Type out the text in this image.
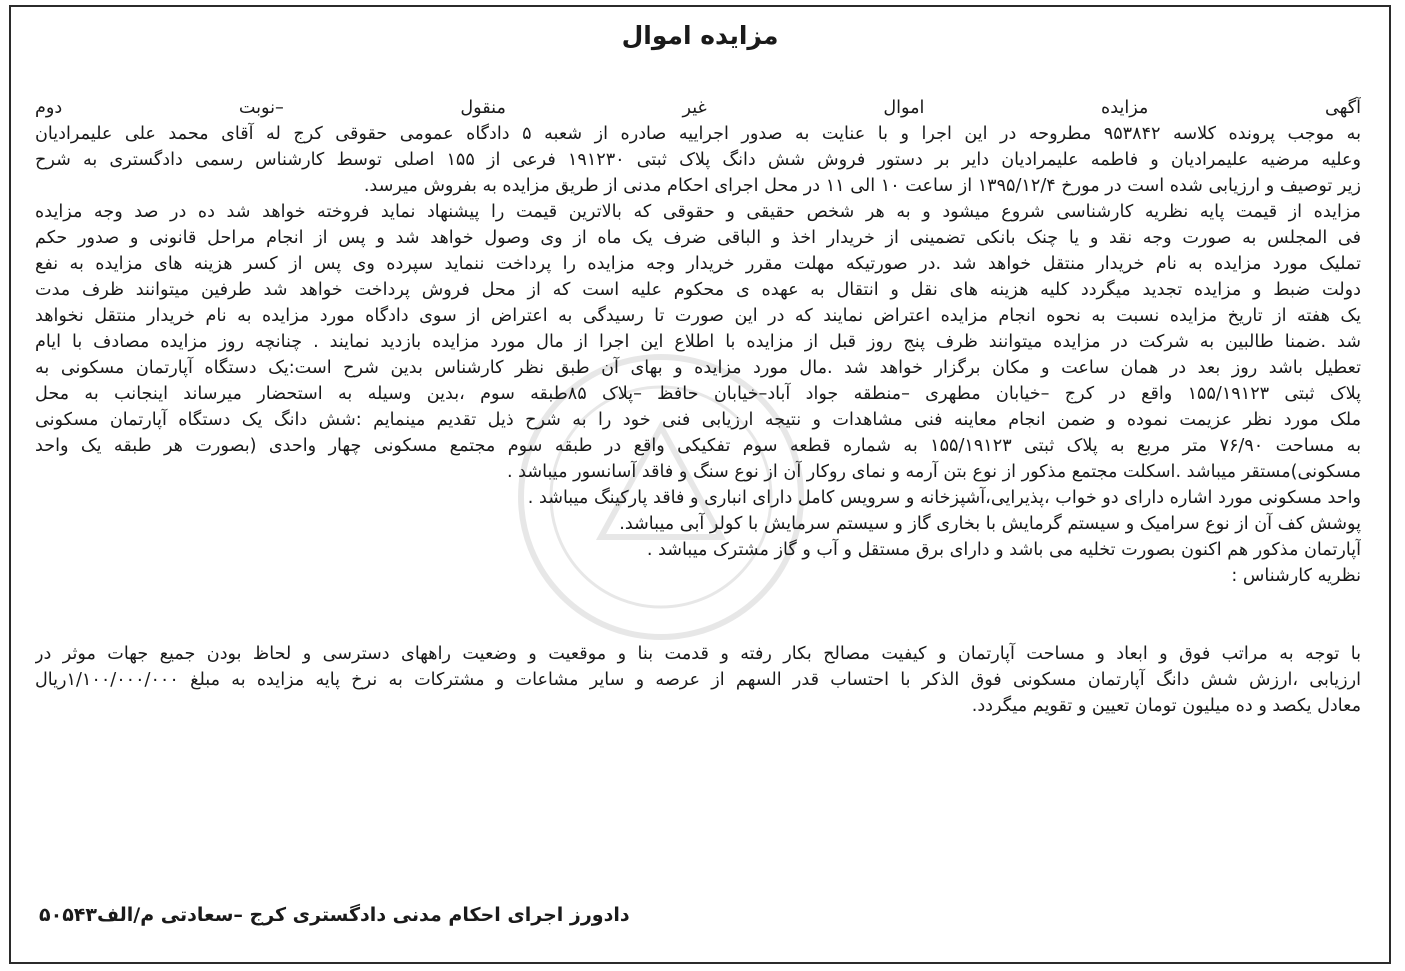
مزایده اموال
آگهی مزایده اموال غیر منقول –نوبت دوم
به موجب پرونده کلاسه ۹۵۳۸۴۲ مطروحه در این اجرا و با عنایت به صدور اجراییه صادره از شعبه ۵ دادگاه عمومی حقوقی کرج له آقای محمد علی علیمرادیان
وعلیه مرضیه علیمرادیان و فاطمه علیمرادیان دایر بر دستور فروش شش دانگ پلاک ثبتی ۱۹۱۲۳۰ فرعی از ۱۵۵ اصلی توسط کارشناس رسمی دادگستری به شرح
زیر توصیف و ارزیابی شده است در مورخ ۱۳۹۵/۱۲/۴ از ساعت ۱۰ الی ۱۱ در محل اجرای احکام مدنی از طریق مزایده به بفروش میرسد.
مزایده از قیمت پایه نظریه کارشناسی شروع میشود و به هر شخص حقیقی و حقوقی که بالاترین قیمت را پیشنهاد نماید فروخته خواهد شد ده در صد وجه مزایده
فی المجلس به صورت وجه نقد و یا چنک بانکی تضمینی از خریدار اخذ و الباقی ضرف یک ماه از وی وصول خواهد شد و پس از انجام مراحل قانونی و صدور حکم
تملیک مورد مزایده به نام خریدار منتقل خواهد شد .در صورتیکه مهلت مقرر خریدار وجه مزایده را پرداخت ننماید سپرده وی پس از کسر هزینه های مزایده به نفع
دولت ضبط و مزایده تجدید میگردد کلیه هزینه های نقل و انتقال به عهده ی محکوم علیه است که از محل فروش پرداخت خواهد شد طرفین میتوانند ظرف مدت
یک هفته از تاریخ مزایده نسبت به نحوه انجام مزایده اعتراض نمایند که در این صورت تا رسیدگی به اعتراض از سوی دادگاه مورد مزایده به نام خریدار منتقل نخواهد
شد .ضمنا طالبین به شرکت در مزایده میتوانند ظرف پنج روز قبل از مزایده با اطلاع این اجرا از مال مورد مزایده بازدید نمایند . چنانچه روز مزایده مصادف با ایام
تعطیل باشد روز بعد در همان ساعت و مکان برگزار خواهد شد .مال مورد مزایده و بهای آن طبق نظر کارشناس بدین شرح است:یک دستگاه آپارتمان مسکونی به
پلاک ثبتی ۱۵۵/۱۹۱۲۳ واقع در کرج –خیابان مطهری –منطقه جواد آباد–خیابان حافظ –پلاک ۸۵طبقه سوم ،بدین وسیله به استحضار میرساند اینجانب به محل
ملک مورد نظر عزیمت نموده و ضمن انجام معاینه فنی مشاهدات و نتیجه ارزیابی فنی خود را به شرح ذیل تقدیم مینمایم :شش دانگ یک دستگاه آپارتمان مسکونی
به مساحت ۷۶/۹۰ متر مربع به پلاک ثبتی ۱۵۵/۱۹۱۲۳ به شماره قطعه سوم تفکیکی واقع در طبقه سوم مجتمع مسکونی چهار واحدی (بصورت هر طبقه یک واحد
مسکونی)مستقر میباشد .اسکلت مجتمع مذکور از نوع بتن آرمه و نمای روکار آن از نوع سنگ و فاقد آسانسور میباشد .
واحد مسکونی مورد اشاره دارای دو خواب ،پذیرایی،آشپزخانه و سرویس کامل دارای انباری و فاقد پارکینگ میباشد .
پوشش کف آن از نوع سرامیک و سیستم گرمایش با بخاری گاز و سیستم سرمایش با کولر آبی میباشد.
آپارتمان مذکور هم اکنون بصورت تخلیه می باشد و دارای برق مستقل و آب و گاز مشترک میباشد .
نظریه کارشناس :
با توجه به مراتب فوق و ابعاد و مساحت آپارتمان و کیفیت مصالح بکار رفته و قدمت بنا و موقعیت و وضعیت راههای دسترسی و لحاظ بودن جمیع جهات موثر در
ارزیابی ،ارزش شش دانگ آپارتمان مسکونی فوق الذکر با احتساب قدر السهم از عرصه و سایر مشاعات و مشترکات به نرخ پایه مزایده به مبلغ ۱/۱۰۰/۰۰۰/۰۰۰ریال
معادل یکصد و ده میلیون تومان تعیین و تقویم میگردد.
دادورز اجرای احکام مدنی دادگستری کرج –سعادتی م/الف۵۰۵۴۳
